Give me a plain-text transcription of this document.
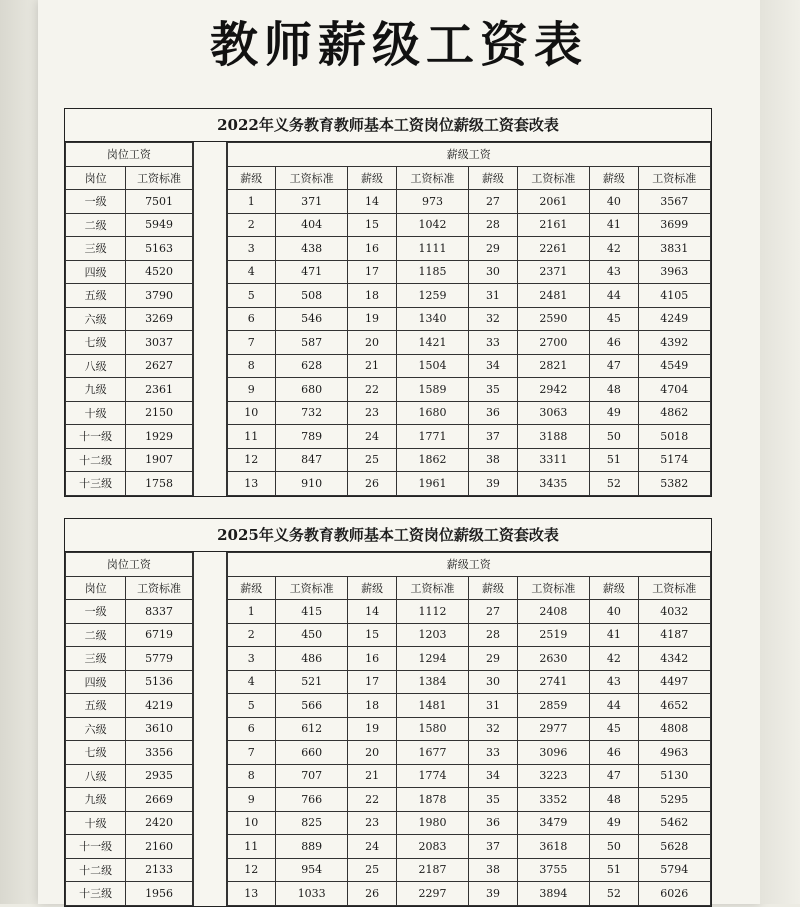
教师薪级工资表
2022年义务教育教师基本工资岗位薪级工资套改表
岗位工资	
岗位	工资标准
一级	7501
二级	5949
三级	5163
四级	4520
五级	3790
六级	3269
七级	3037
八级	2627
九级	2361
十级	2150
十一级	1929
十二级	1907
十三级	1758
薪级工资							
薪级	工资标准	薪级	工资标准	薪级	工资标准	薪级	工资标准
1	371	14	973	27	2061	40	3567
2	404	15	1042	28	2161	41	3699
3	438	16	1111	29	2261	42	3831
4	471	17	1185	30	2371	43	3963
5	508	18	1259	31	2481	44	4105
6	546	19	1340	32	2590	45	4249
7	587	20	1421	33	2700	46	4392
8	628	21	1504	34	2821	47	4549
9	680	22	1589	35	2942	48	4704
10	732	23	1680	36	3063	49	4862
11	789	24	1771	37	3188	50	5018
12	847	25	1862	38	3311	51	5174
13	910	26	1961	39	3435	52	5382
2025年义务教育教师基本工资岗位薪级工资套改表
岗位工资	
岗位	工资标准
一级	8337
二级	6719
三级	5779
四级	5136
五级	4219
六级	3610
七级	3356
八级	2935
九级	2669
十级	2420
十一级	2160
十二级	2133
十三级	1956
薪级工资							
薪级	工资标准	薪级	工资标准	薪级	工资标准	薪级	工资标准
1	415	14	1112	27	2408	40	4032
2	450	15	1203	28	2519	41	4187
3	486	16	1294	29	2630	42	4342
4	521	17	1384	30	2741	43	4497
5	566	18	1481	31	2859	44	4652
6	612	19	1580	32	2977	45	4808
7	660	20	1677	33	3096	46	4963
8	707	21	1774	34	3223	47	5130
9	766	22	1878	35	3352	48	5295
10	825	23	1980	36	3479	49	5462
11	889	24	2083	37	3618	50	5628
12	954	25	2187	38	3755	51	5794
13	1033	26	2297	39	3894	52	6026
